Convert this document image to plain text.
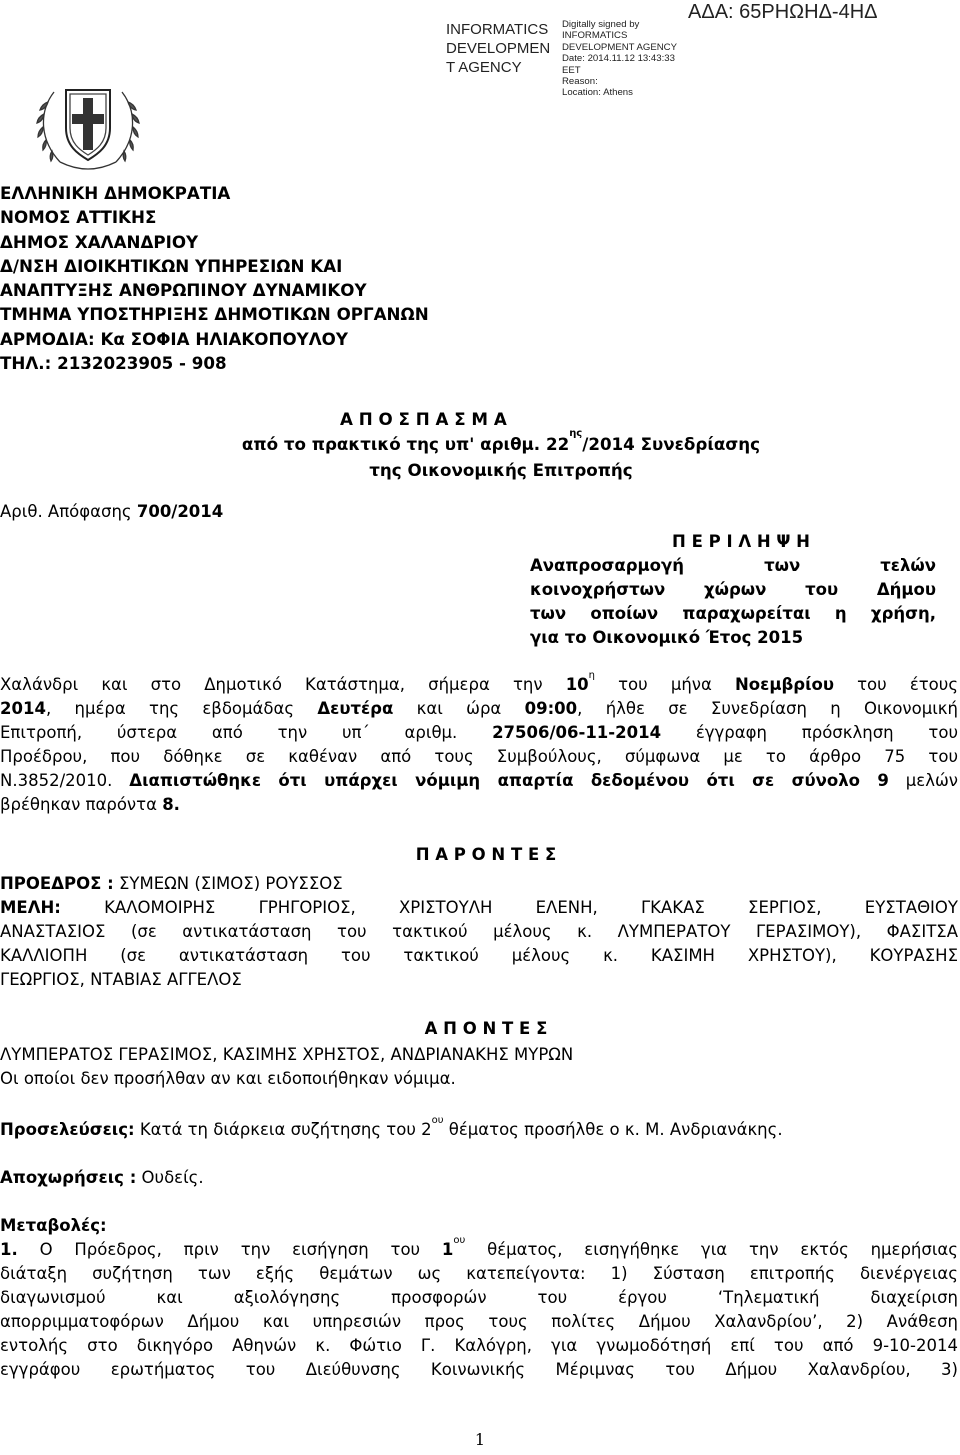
INFORMATICS DEVELOPMEN T AGENCY
Digitally signed by
INFORMATICS
DEVELOPMENT AGENCY
Date: 2014.11.12 13:43:33
EET
Reason:
Location: Athens
ΑΔΑ: 65ΡΗΩΗΔ-4ΗΔ
ΕΛΛΗΝΙΚΗ ΔΗΜΟΚΡΑΤΙΑ
ΝΟΜΟΣ ΑΤΤΙΚΗΣ
ΔΗΜΟΣ ΧΑΛΑΝΔΡΙΟΥ
Δ/ΝΣΗ ΔΙΟΙΚΗΤΙΚΩΝ ΥΠΗΡΕΣΙΩΝ ΚΑΙ
ΑΝΑΠΤΥΞΗΣ ΑΝΘΡΩΠΙΝΟΥ ΔΥΝΑΜΙΚΟΥ
ΤΜΗΜΑ ΥΠΟΣΤΗΡΙΞΗΣ ΔΗΜΟΤΙΚΩΝ ΟΡΓΑΝΩΝ
ΑΡΜΟΔΙΑ: Κα ΣΟΦΙΑ ΗΛΙΑΚΟΠΟΥΛΟΥ
ΤΗΛ.: 2132023905 - 908
Α Π Ο Σ Π Α Σ Μ Α
από το πρακτικό της υπ' αριθμ. $22^{\eta\varsigma}/2014$ Συνεδρίασης
της Οικονομικής Επιτροπής
Αριθ. Απόφασης 700/2014
Π Ε Ρ Ι Λ Η Ψ Η
Αναπροσαρμογή των τελών
κοινοχρήστων χώρων του Δήμου
των οποίων παραχωρείται η χρήση,
για το Οικονομικό Έτος 2015
Χαλάνδρι και στο Δημοτικό Κατάστημα, σήμερα την $10^\eta$ του μήνα Νοεμβρίου του έτους
2014, ημέρα της εβδομάδας Δευτέρα και ώρα 09:00, ήλθε σε Συνεδρίαση η Οικονομική
Επιτροπή, ύστερα από την υπ΄ αριθμ. 27506/06-11-2014 έγγραφη πρόσκληση του
Προέδρου, που δόθηκε σε καθέναν από τους Συμβούλους, σύμφωνα με το άρθρο 75 του
Ν.3852/2010. Διαπιστώθηκε ότι υπάρχει νόμιμη απαρτία δεδομένου ότι σε σύνολο 9 μελών
βρέθηκαν παρόντα 8.
Π Α Ρ Ο Ν Τ Ε Σ
ΠΡΟΕΔΡΟΣ : ΣΥΜΕΩΝ (ΣΙΜΟΣ) ΡΟΥΣΣΟΣ
ΜΕΛΗ: ΚΑΛΟΜΟΙΡΗΣ ΓΡΗΓΟΡΙΟΣ, ΧΡΙΣΤΟΥΛΗ ΕΛΕΝΗ, ΓΚΑΚΑΣ ΣΕΡΓΙΟΣ, ΕΥΣΤΑΘΙΟΥ
ΑΝΑΣΤΑΣΙΟΣ (σε αντικατάσταση του τακτικού μέλους κ. ΛΥΜΠΕΡΑΤΟΥ ΓΕΡΑΣΙΜΟΥ), ΦΑΣΙΤΣΑ
ΚΑΛΛΙΟΠΗ (σε αντικατάσταση του τακτικού μέλους κ. ΚΑΣΙΜΗ ΧΡΗΣΤΟΥ), ΚΟΥΡΑΣΗΣ
ΓΕΩΡΓΙΟΣ, ΝΤΑΒΙΑΣ ΑΓΓΕΛΟΣ
Α Π Ο Ν Τ Ε Σ
ΛΥΜΠΕΡΑΤΟΣ ΓΕΡΑΣΙΜΟΣ, ΚΑΣΙΜΗΣ ΧΡΗΣΤΟΣ, ΑΝΔΡΙΑΝΑΚΗΣ ΜΥΡΩΝ
Οι οποίοι δεν προσήλθαν αν και ειδοποιήθηκαν νόμιμα.
Προσελεύσεις: Κατά τη διάρκεια συζήτησης του $2^{o\upsilon}$ θέματος προσήλθε ο κ. Μ. Ανδριανάκης.
Αποχωρήσεις : Ουδείς.
Μεταβολές:
1. Ο Πρόεδρος, πριν την εισήγηση του $1^{o\upsilon}$ θέματος, εισηγήθηκε για την εκτός ημερήσιας
διάταξη συζήτηση των εξής θεμάτων ως κατεπείγοντα: 1) Σύσταση επιτροπής διενέργειας
διαγωνισμού και αξιολόγησης προσφορών του έργου ‘Τηλεματική διαχείριση
απορριμματοφόρων Δήμου και υπηρεσιών προς τους πολίτες Δήμου Χαλανδρίου’, 2) Ανάθεση
εντολής στο δικηγόρο Αθηνών κ. Φώτιο Γ. Καλόγρη, για γνωμοδότησή επί του από 9-10-2014
εγγράφου ερωτήματος του Διεύθυνσης Κοινωνικής Μέριμνας του Δήμου Χαλανδρίου, 3)
1
